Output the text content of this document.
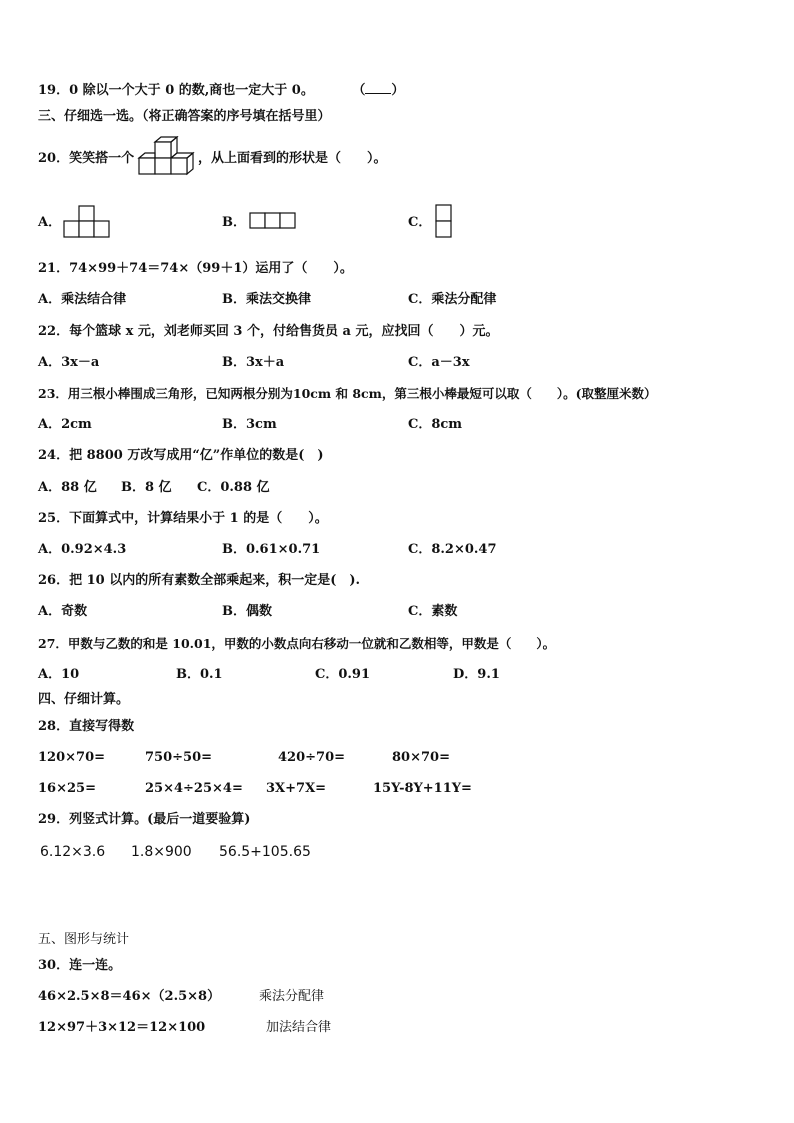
19．0 除以一个大于 0 的数,商也一定大于 0。	（ ）
三、仔细选一选。（将正确答案的序号填在括号里）
20．笑笑搭一个	，从上面看到的形状是（　　）。
A．	B．	C．
21．74×99＋74＝74×（99＋1）运用了（　　）。
A．乘法结合律	B．乘法交换律	C．乘法分配律
22．每个篮球 x 元，刘老师买回 3 个，付给售货员 a 元，应找回（　　）元。
A．3x－a	B．3x＋a	C．a－3x
23．用三根小棒围成三角形，已知两根分别为10cm 和 8cm，第三根小棒最短可以取（　　）。(取整厘米数）
A．2cm	B．3cm	C．8cm
24．把 8800 万改写成用“亿”作单位的数是(　)
A．88 亿 B．8 亿 C．0.88 亿
25．下面算式中，计算结果小于 1 的是（　　）。
A．0.92×4.3	B．0.61×0.71	C．8.2×0.47
26．把 10 以内的所有素数全部乘起来，积一定是(　).
A．奇数	B．偶数	C．素数
27．甲数与乙数的和是 10.01，甲数的小数点向右移动一位就和乙数相等，甲数是（　　）。
A．10	B．0.1	C．0.91	D．9.1
四、仔细计算。
28．直接写得数
120×70=	750÷50=	420÷70=	80×70=
16×25=	25×4÷25×4= 3X+7X=	15Y-8Y+11Y=
29．列竖式计算。(最后一道要验算)
6.12×3.6 1.8×900 56.5+105.65
五、图形与统计
30．连一连。
46×2.5×8＝46×（2.5×8）	乘法分配律
12×97＋3×12＝12×100	加法结合律
